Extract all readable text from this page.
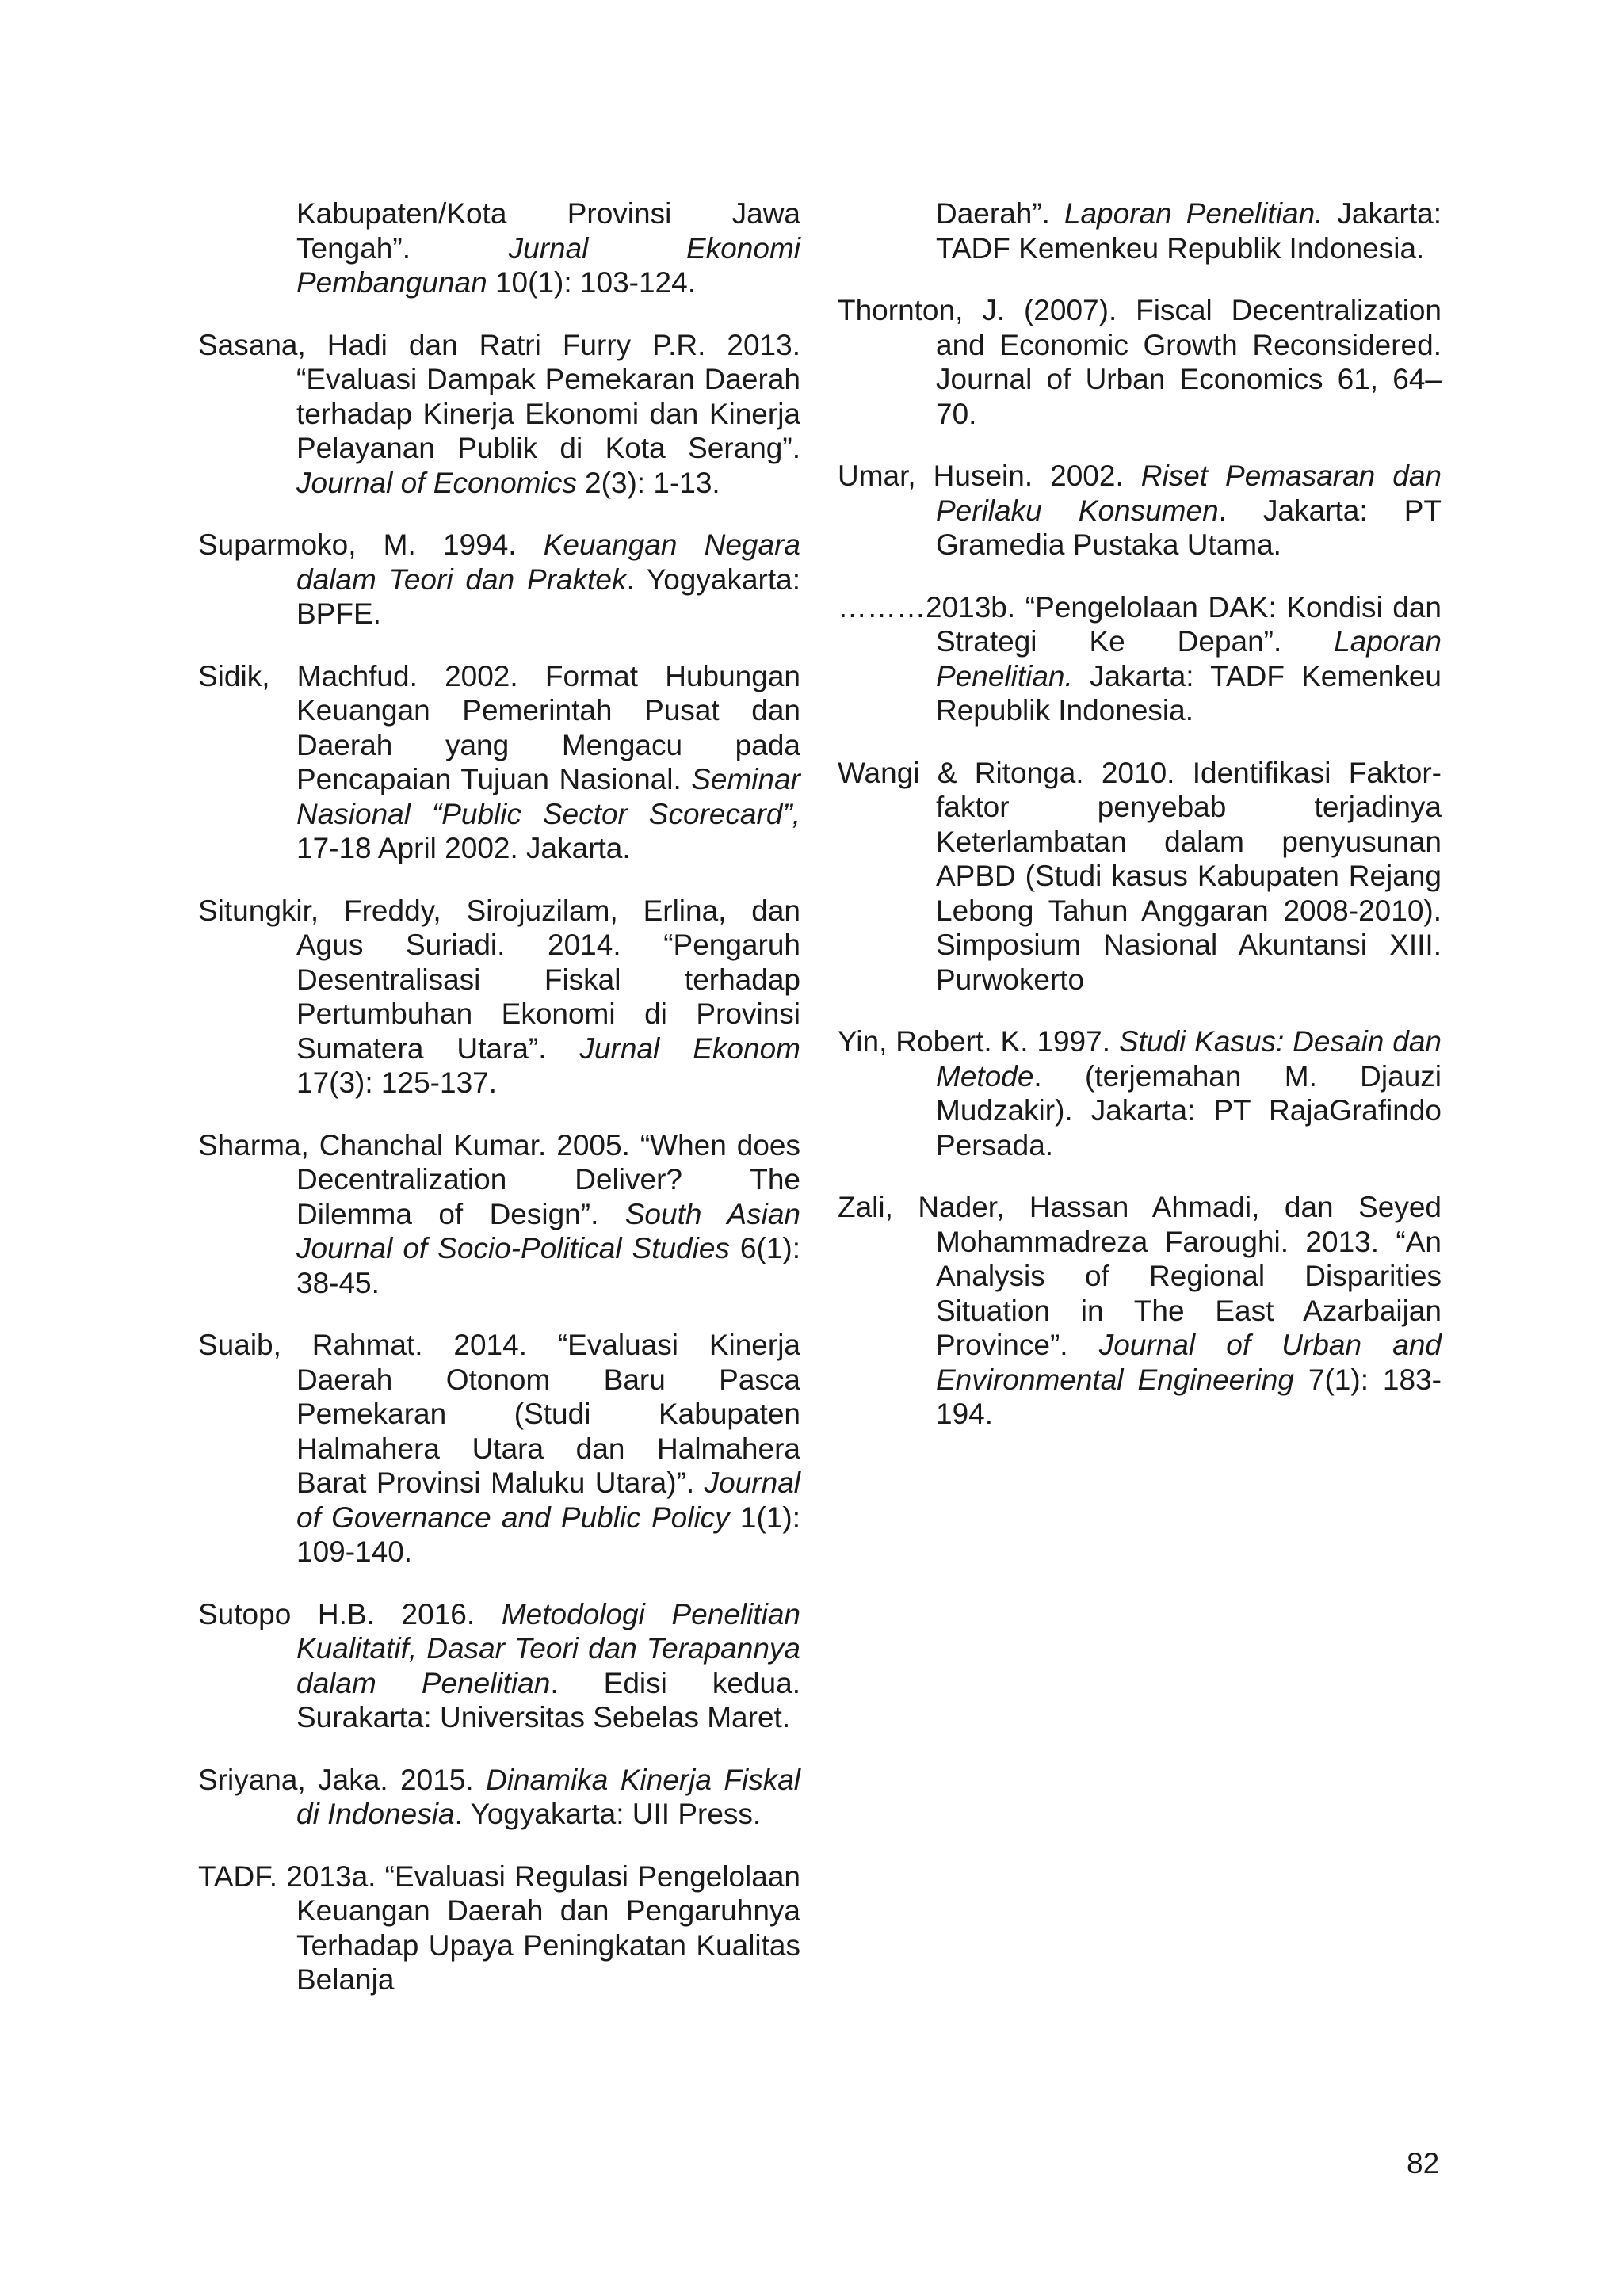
Kabupaten/Kota Provinsi Jawa Tengah”. Jurnal Ekonomi Pembangunan 10(1): 103-124.

Sasana, Hadi dan Ratri Furry P.R. 2013. “Evaluasi Dampak Pemekaran Daerah terhadap Kinerja Ekonomi dan Kinerja Pelayanan Publik di Kota Serang”. Journal of Economics 2(3): 1-13.

Suparmoko, M. 1994. Keuangan Negara dalam Teori dan Praktek. Yogyakarta: BPFE.

Sidik, Machfud. 2002. Format Hubungan Keuangan Pemerintah Pusat dan Daerah yang Mengacu pada Pencapaian Tujuan Nasional. Seminar Nasional “Public Sector Scorecard”, 17-18 April 2002. Jakarta.

Situngkir, Freddy, Sirojuzilam, Erlina, dan Agus Suriadi. 2014. “Pengaruh Desentralisasi Fiskal terhadap Pertumbuhan Ekonomi di Provinsi Sumatera Utara”. Jurnal Ekonom 17(3): 125-137.

Sharma, Chanchal Kumar. 2005. “When does Decentralization Deliver? The Dilemma of Design”. South Asian Journal of Socio-Political Studies 6(1): 38-45.

Suaib, Rahmat. 2014. “Evaluasi Kinerja Daerah Otonom Baru Pasca Pemekaran (Studi Kabupaten Halmahera Utara dan Halmahera Barat Provinsi Maluku Utara)”. Journal of Governance and Public Policy 1(1): 109-140.

Sutopo H.B. 2016. Metodologi Penelitian Kualitatif, Dasar Teori dan Terapannya dalam Penelitian. Edisi kedua. Surakarta: Universitas Sebelas Maret.

Sriyana, Jaka. 2015. Dinamika Kinerja Fiskal di Indonesia. Yogyakarta: UII Press.

TADF. 2013a. “Evaluasi Regulasi Pengelolaan Keuangan Daerah dan Pengaruhnya Terhadap Upaya Peningkatan Kualitas Belanja

Daerah”. Laporan Penelitian. Jakarta: TADF Kemenkeu Republik Indonesia.

Thornton, J. (2007). Fiscal Decentralization and Economic Growth Reconsidered. Journal of Urban Economics 61, 64–70.

Umar, Husein. 2002. Riset Pemasaran dan Perilaku Konsumen. Jakarta: PT Gramedia Pustaka Utama.

………2013b. “Pengelolaan DAK: Kondisi dan Strategi Ke Depan”. Laporan Penelitian. Jakarta: TADF Kemenkeu Republik Indonesia.

Wangi & Ritonga. 2010. Identifikasi Faktor-faktor penyebab terjadinya Keterlambatan dalam penyusunan APBD (Studi kasus Kabupaten Rejang Lebong Tahun Anggaran 2008-2010). Simposium Nasional Akuntansi XIII. Purwokerto

Yin, Robert. K. 1997. Studi Kasus: Desain dan Metode. (terjemahan M. Djauzi Mudzakir). Jakarta: PT RajaGrafindo Persada.

Zali, Nader, Hassan Ahmadi, dan Seyed Mohammadreza Faroughi. 2013. “An Analysis of Regional Disparities Situation in The East Azarbaijan Province”. Journal of Urban and Environmental Engineering 7(1): 183-194.

82
